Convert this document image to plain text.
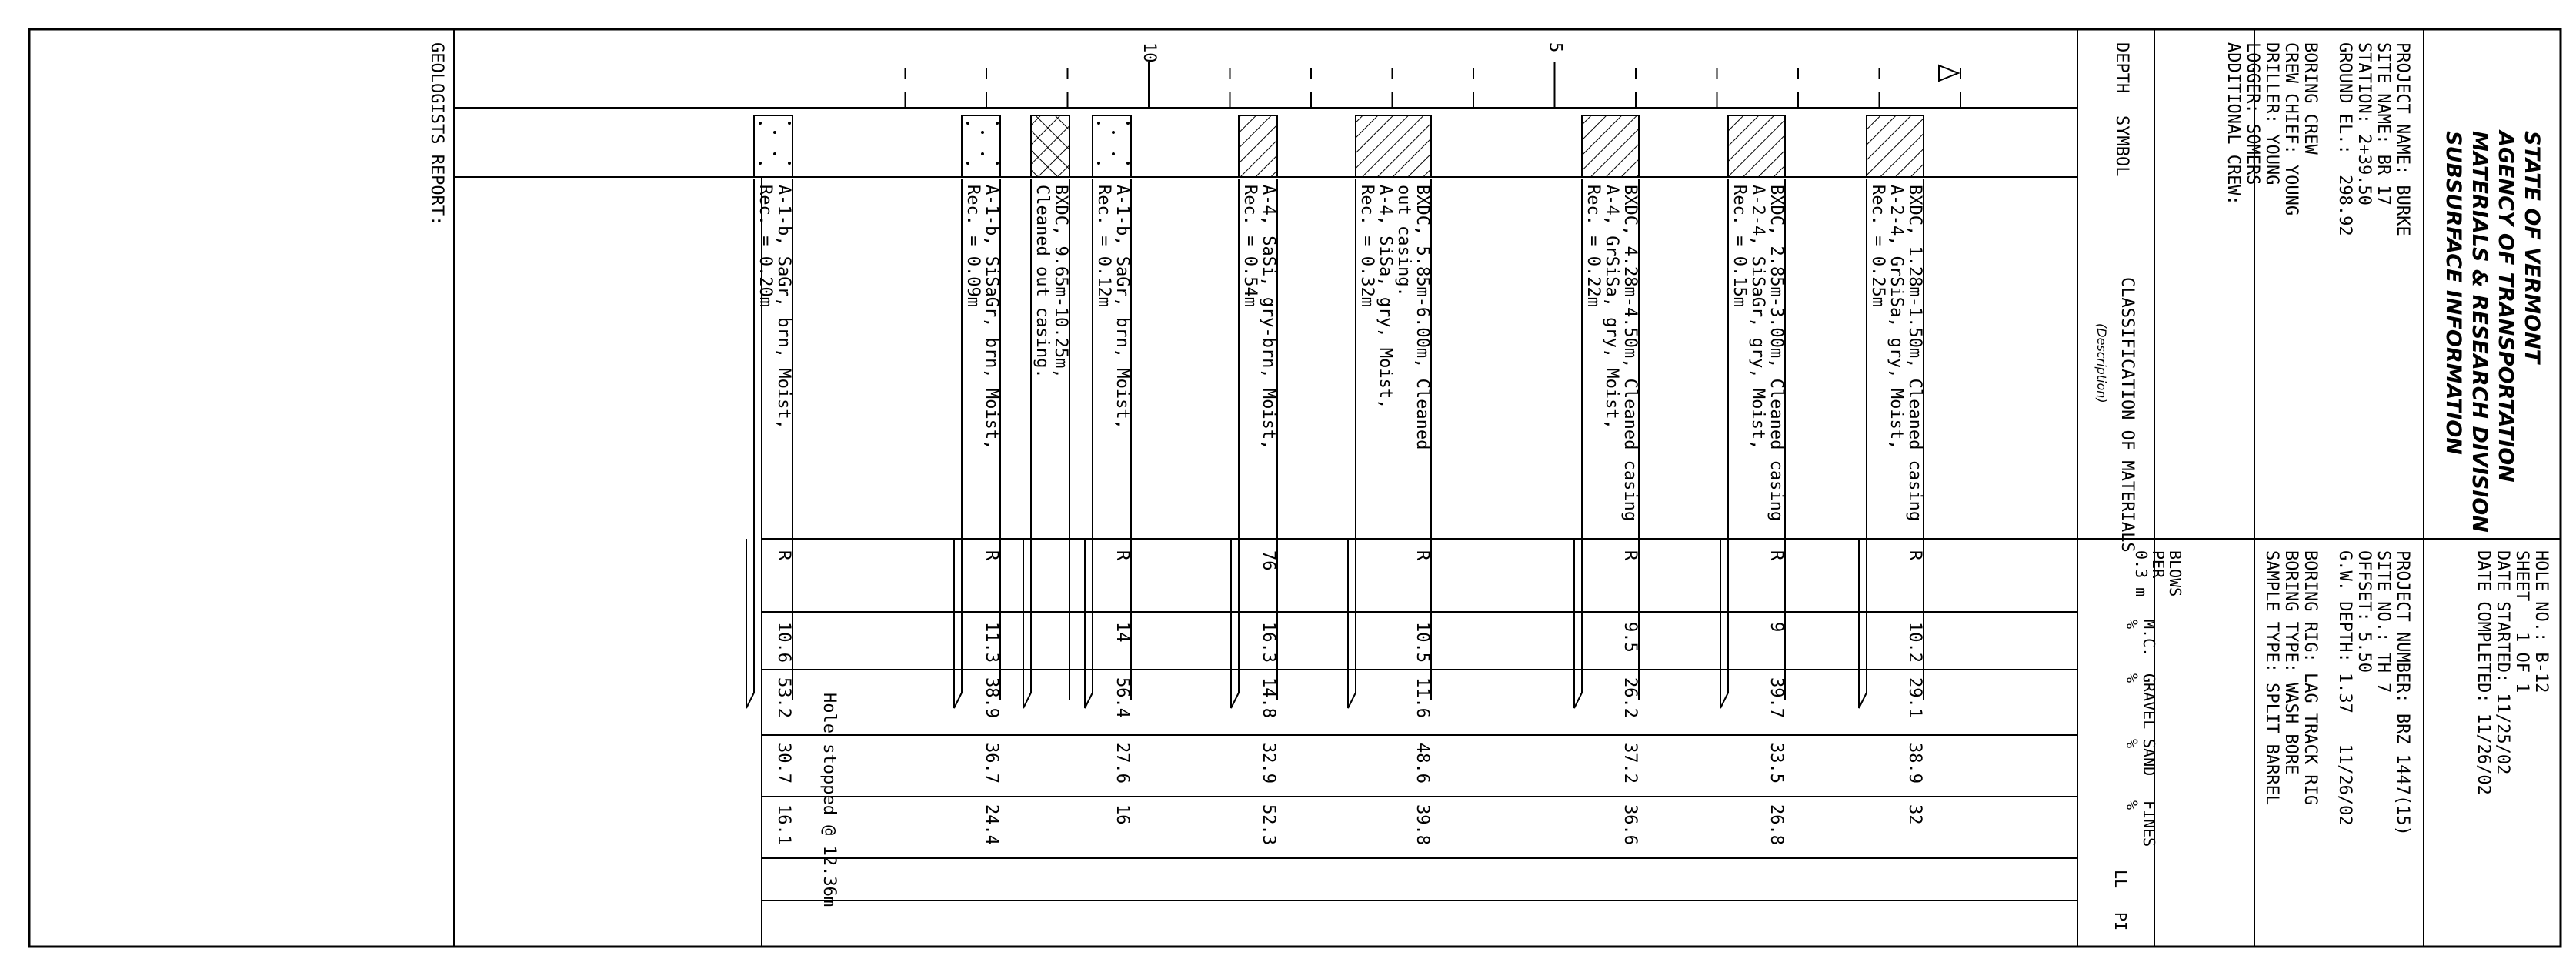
STATE OF VERMONT
AGENCY OF TRANSPORTATION
MATERIALS & RESEARCH DIVISION
SUBSURFACE INFORMATION
PROJECT NAME: BURKE
SITE NAME: BR 17
STATION: 2+39.50
GROUND EL.:  298.92
BORING CREW
CREW CHIEF: YOUNG
DRILLER: YOUNG
LOGGER: SOMERS
ADDITIONAL CREW:
HOLE NO.: B-12
SHEET   1 OF 1
DATE STARTED: 11/25/02
DATE COMPLETED: 11/26/02
PROJECT NUMBER: BRZ 1447(15)
SITE NO.: TH 7
OFFSET: 5.50
G.W. DEPTH: 1.37   11/26/02
BORING RIG: LAG TRACK RIG
BORING TYPE: WASH BORE
SAMPLE TYPE: SPLIT BARREL
DEPTH
SYMBOL
CLASSIFICATION OF MATERIALS
(Description)
BLOWS
PER
0.3 m
M.C.
%
GRAVEL
%
SAND
%
FINES
%
LL
PI
GEOLOGISTS REPORT:
Hole stopped @ 12.36m
5
10
BXDC, 1.28m-1.50m, Cleaned casing
A-2-4, GrSiSa, gry, Moist,
Rec. = 0.25m
R
10.2
29.1
38.9
32
BXDC, 2.85m-3.00m, Cleaned casing
A-2-4, SiSaGr, gry, Moist,
Rec. = 0.15m
R
9
39.7
33.5
26.8
BXDC, 4.28m-4.50m, Cleaned casing
A-4, GrSiSa, gry, Moist,
Rec. = 0.22m
R
9.5
26.2
37.2
36.6
BXDC, 5.85m-6.00m, Cleaned
out casing.
A-4, SiSa, gry, Moist,
Rec. = 0.32m
R
10.5
11.6
48.6
39.8
A-4, SaSi, gry-brn, Moist,
Rec. = 0.54m
76
16.3
14.8
32.9
52.3
A-1-b, SaGr, brn, Moist,
Rec. = 0.12m
R
14
56.4
27.6
16
BXDC, 9.65m-10.25m,
Cleaned out casing.
A-1-b, SiSaGr, brn, Moist,
Rec. = 0.09m
R
11.3
38.9
36.7
24.4
A-1-b, SaGr, brn, Moist,
Rec. = 0.20m
R
10.6
53.2
30.7
16.1
